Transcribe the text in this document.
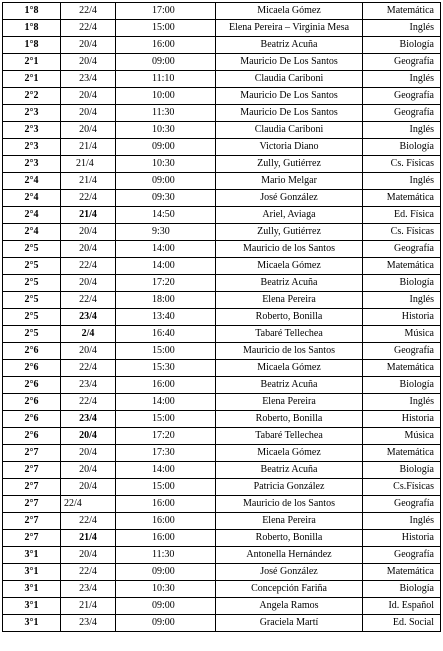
1°8	22/4	17:00	Micaela Gómez	Matemática
1°8	22/4	15:00	Elena Pereira – Virginia Mesa	Inglés
1°8	20/4	16:00	Beatriz Acuña	Biología
2°1	20/4	09:00	Mauricio De Los Santos	Geografía
2°1	23/4	11:10	Claudia Cariboni	Inglés
2°2	20/4	10:00	Mauricio De Los Santos	Geografía
2°3	20/4	11:30	Mauricio De Los Santos	Geografía
2°3	20/4	10:30	Claudia Cariboni	Inglés
2°3	21/4	09:00	Victoria Diano	Biología
2°3	21/4	10:30	Zully, Gutiérrez	Cs. Físicas
2°4	21/4	09:00	Mario Melgar	Inglés
2°4	22/4	09:30	José González	Matemática
2°4	21/4	14:50	Ariel, Aviaga	Ed. Física
2°4	20/4	9:30	Zully, Gutiérrez	Cs. Físicas
2°5	20/4	14:00	Mauricio de los Santos	Geografía
2°5	22/4	14:00	Micaela Gómez	Matemática
2°5	20/4	17:20	Beatriz Acuña	Biología
2°5	22/4	18:00	Elena Pereira	Inglés
2°5	23/4	13:40	Roberto, Bonilla	Historia
2°5	2/4	16:40	Tabaré Tellechea	Música
2°6	20/4	15:00	Mauricio de los Santos	Geografía
2°6	22/4	15:30	Micaela Gómez	Matemática
2°6	23/4	16:00	Beatriz Acuña	Biología
2°6	22/4	14:00	Elena Pereira	Inglés
2°6	23/4	15:00	Roberto, Bonilla	Historia
2°6	20/4	17:20	Tabaré Tellechea	Música
2°7	20/4	17:30	Micaela Gómez	Matemática
2°7	20/4	14:00	Beatriz Acuña	Biología
2°7	20/4	15:00	Patricia González	Cs.Físicas
2°7	22/4	16:00	Mauricio de los Santos	Geografía
2°7	22/4	16:00	Elena Pereira	Inglés
2°7	21/4	16:00	Roberto, Bonilla	Historia
3°1	20/4	11:30	Antonella Hernández	Geografía
3°1	22/4	09:00	José González	Matemática
3°1	23/4	10:30	Concepción Fariña	Biología
3°1	21/4	09:00	Angela Ramos	Id. Español
3°1	23/4	09:00	Graciela Martí	Ed. Social
